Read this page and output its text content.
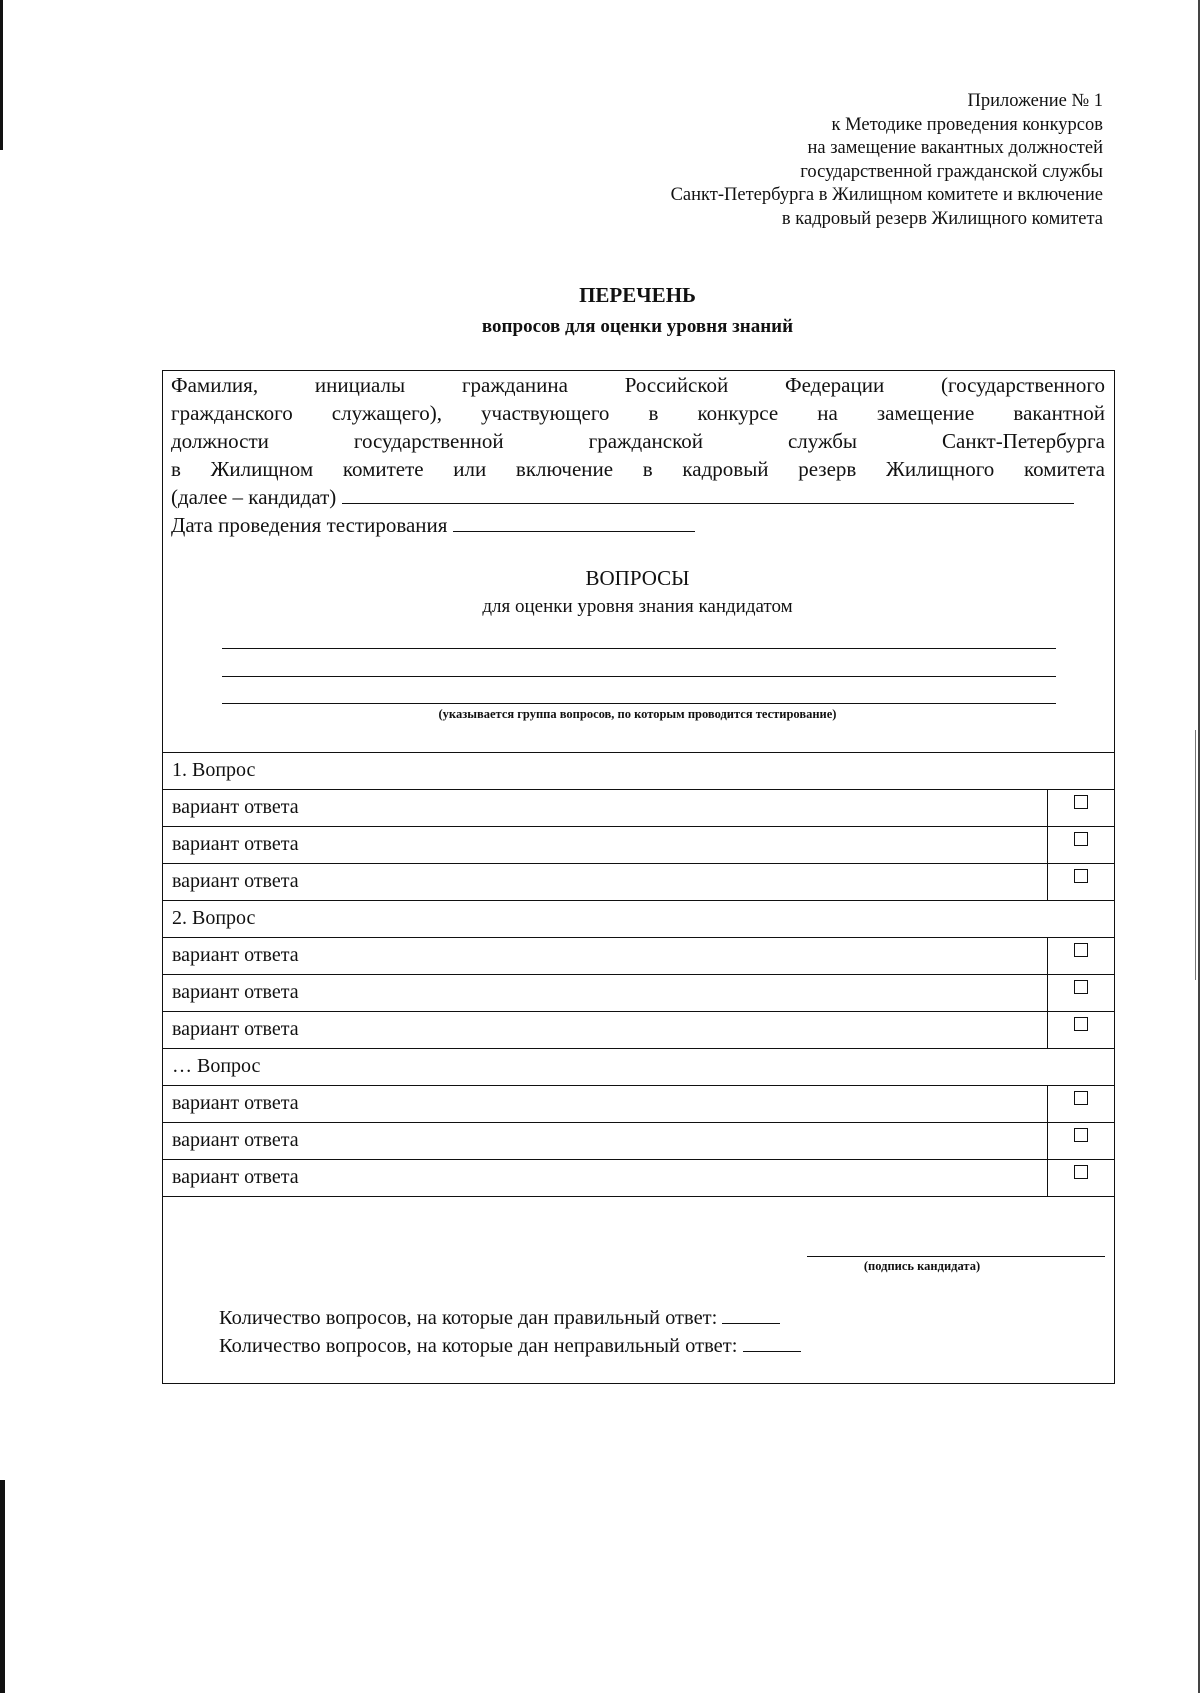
Приложение № 1
к Методике проведения конкурсов
на замещение вакантных должностей
государственной гражданской службы
Санкт-Петербурга в Жилищном комитете и включение
в кадровый резерв Жилищного комитета
ПЕРЕЧЕНЬ
вопросов для оценки уровня знаний
Фамилия, инициалы гражданина Российской Федерации (государственного
гражданского служащего), участвующего в конкурсе на замещение вакантной
должности государственной гражданской службы Санкт-Петербурга
в Жилищном комитете или включение в кадровый резерв Жилищного комитета
(далее – кандидат)
Дата проведения тестирования
ВОПРОСЫ
для оценки уровня знания кандидатом
(указывается группа вопросов, по которым проводится тестирование)
1. Вопрос
вариант ответа
вариант ответа
вариант ответа
2. Вопрос
вариант ответа
вариант ответа
вариант ответа
… Вопрос
вариант ответа
вариант ответа
вариант ответа
(подпись кандидата)
Количество вопросов, на которые дан правильный ответ:
Количество вопросов, на которые дан неправильный ответ:
